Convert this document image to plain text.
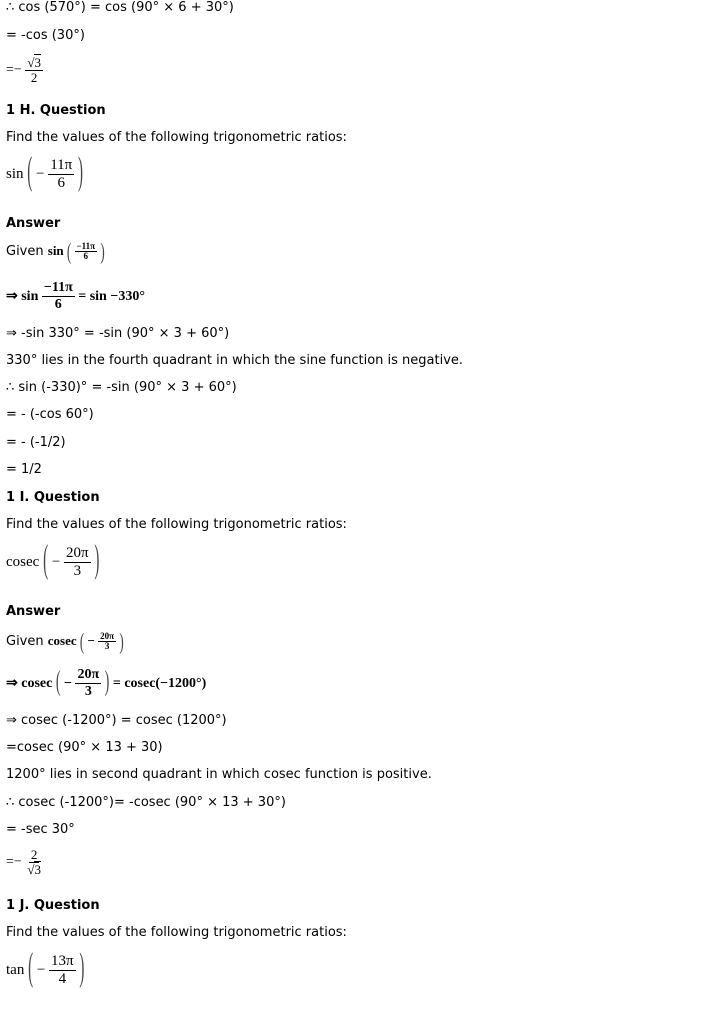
∴ cos (570°) = cos (90° × 6 + 30°)
= -cos (30°)
=− $\frac{√3}{2}$
1 H. Question
Find the values of the following trigonometric ratios:
sin ( − $\frac{11\pi}{6}$ )
Answer
Given sin ( $\frac{-11\pi}{6}$ )
⇒ $\sin \frac{-11\pi}{6} = \sin -330^\circ$
⇒ -sin 330° = -sin (90° × 3 + 60°)
330° lies in the fourth quadrant in which the sine function is negative.
∴ sin (-330)° = -sin (90° × 3 + 60°)
= - (-cos 60°)
= - (-1/2)
= 1/2
1 I. Question
Find the values of the following trigonometric ratios:
cosec ( − $\frac{20\pi}{3}$ )
Answer
Given cosec ( − $\frac{20\pi}{3}$ )
⇒ cosec ( − $\frac{20\pi}{3}$ ) = cosec(−1200°)
⇒ cosec (-1200°) = cosec (1200°)
=cosec (90° × 13 + 30)
1200° lies in second quadrant in which cosec function is positive.
∴ cosec (-1200°)= -cosec (90° × 13 + 30°)
= -sec 30°
=− $\frac{2}{√3}$
1 J. Question
Find the values of the following trigonometric ratios:
tan ( − $\frac{13\pi}{4}$ )
